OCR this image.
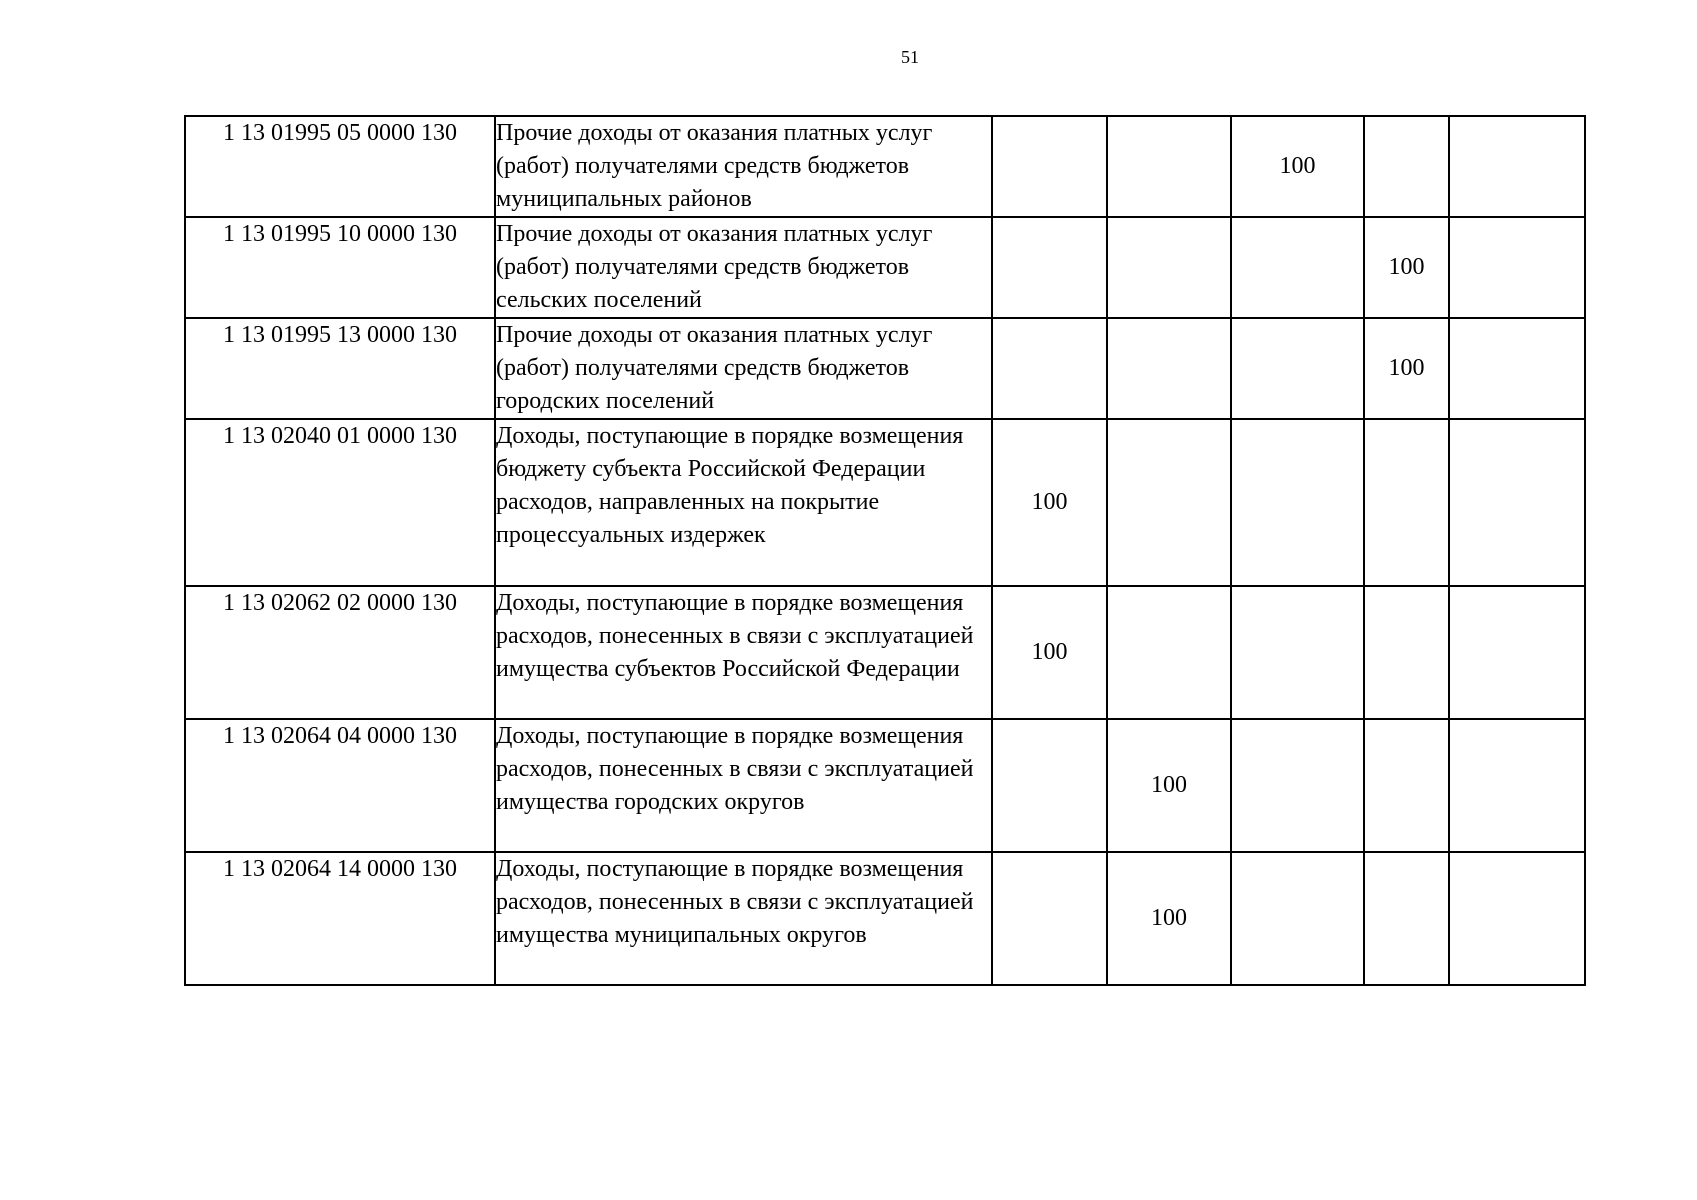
51
1 13 01995 05 0000 130	Прочие доходы от оказания платных услуг (работ) получателями средств бюджетов муниципальных районов			100		
1 13 01995 10 0000 130	Прочие доходы от оказания платных услуг (работ) получателями средств бюджетов сельских поселений				100	
1 13 01995 13 0000 130	Прочие доходы от оказания платных услуг (работ) получателями средств бюджетов городских поселений				100	
1 13 02040 01 0000 130	Доходы, поступающие в порядке возмещения бюджету субъекта Российской Федерации расходов, направленных на покрытие процессуальных издержек	100				
1 13 02062 02 0000 130	Доходы, поступающие в порядке возмещения расходов, понесенных в связи с эксплуатацией имущества субъектов Российской Федерации	100				
1 13 02064 04 0000 130	Доходы, поступающие в порядке возмещения расходов, понесенных в связи с эксплуатацией имущества городских округов		100			
1 13 02064 14 0000 130	Доходы, поступающие в порядке возмещения расходов, понесенных в связи с эксплуатацией имущества муниципальных округов		100			
